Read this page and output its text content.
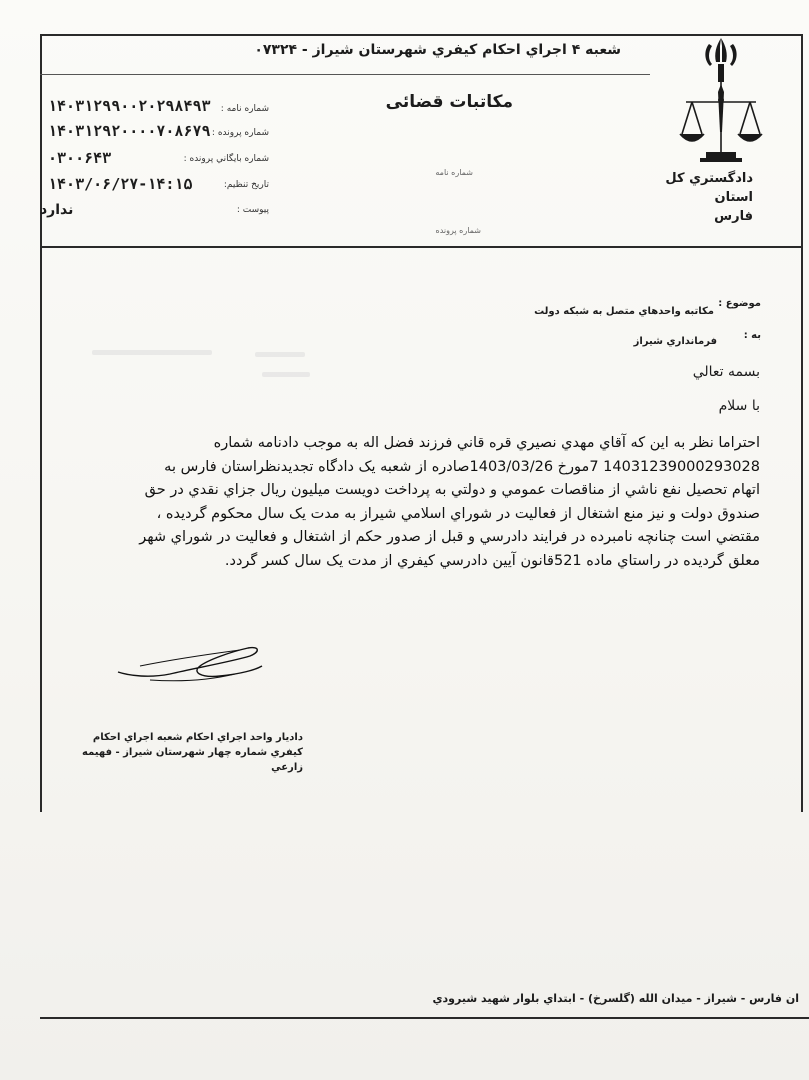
شعبه ۴ اجراي احکام کيفري شهرستان شيراز - ۰۷۳۲۴
مکاتبات قضائی
دادگستري کل استان
فارس
شماره نامه
شماره پرونده
شماره نامه :
شماره پرونده :
شماره بايگاني پرونده :
تاريخ تنظيم:
پيوست :
۱۴۰۳۱۲۹۹۰۰۲۰۲۹۸۴۹۳
۱۴۰۳۱۲۹۲۰۰۰۰۷۰۸۶۷۹
۰۳۰۰۶۴۳
۱۴۰۳/۰۶/۲۷-۱۴:۱۵
ندارد
موضوع :
مکاتبه واحدهاي متصل به شبکه دولت
به :
فرمانداري شيراز
بسمه تعالي
با سلام
احتراما نظر به اين که آقاي مهدي نصيري قره قاني فرزند فضل اله به موجب دادنامه شماره
14031239000293028 7مورخ 1403/03/26صادره از شعبه يک دادگاه تجديدنظراستان فارس به
اتهام تحصيل نفع ناشي از مناقصات عمومي و دولتي به پرداخت دويست ميليون ريال جزاي نقدي در حق
صندوق دولت و نيز منع اشتغال از فعاليت در شوراي اسلامي شيراز به مدت يک سال محکوم گرديده ،
مقتضي است چنانچه نامبرده در فرايند دادرسي و قبل از صدور حکم از اشتغال و فعاليت در شوراي شهر
معلق گرديده در راستاي ماده 521قانون آيين دادرسي کيفري از مدت يک سال کسر گردد.
دادیار واحد اجراي احکام شعبه اجراي احکام
کيفري شماره چهار شهرستان شيراز - فهيمه
زارعي
ان فارس - شيراز - ميدان الله (گلسرخ) - ابتداي بلوار شهيد شيرودي
